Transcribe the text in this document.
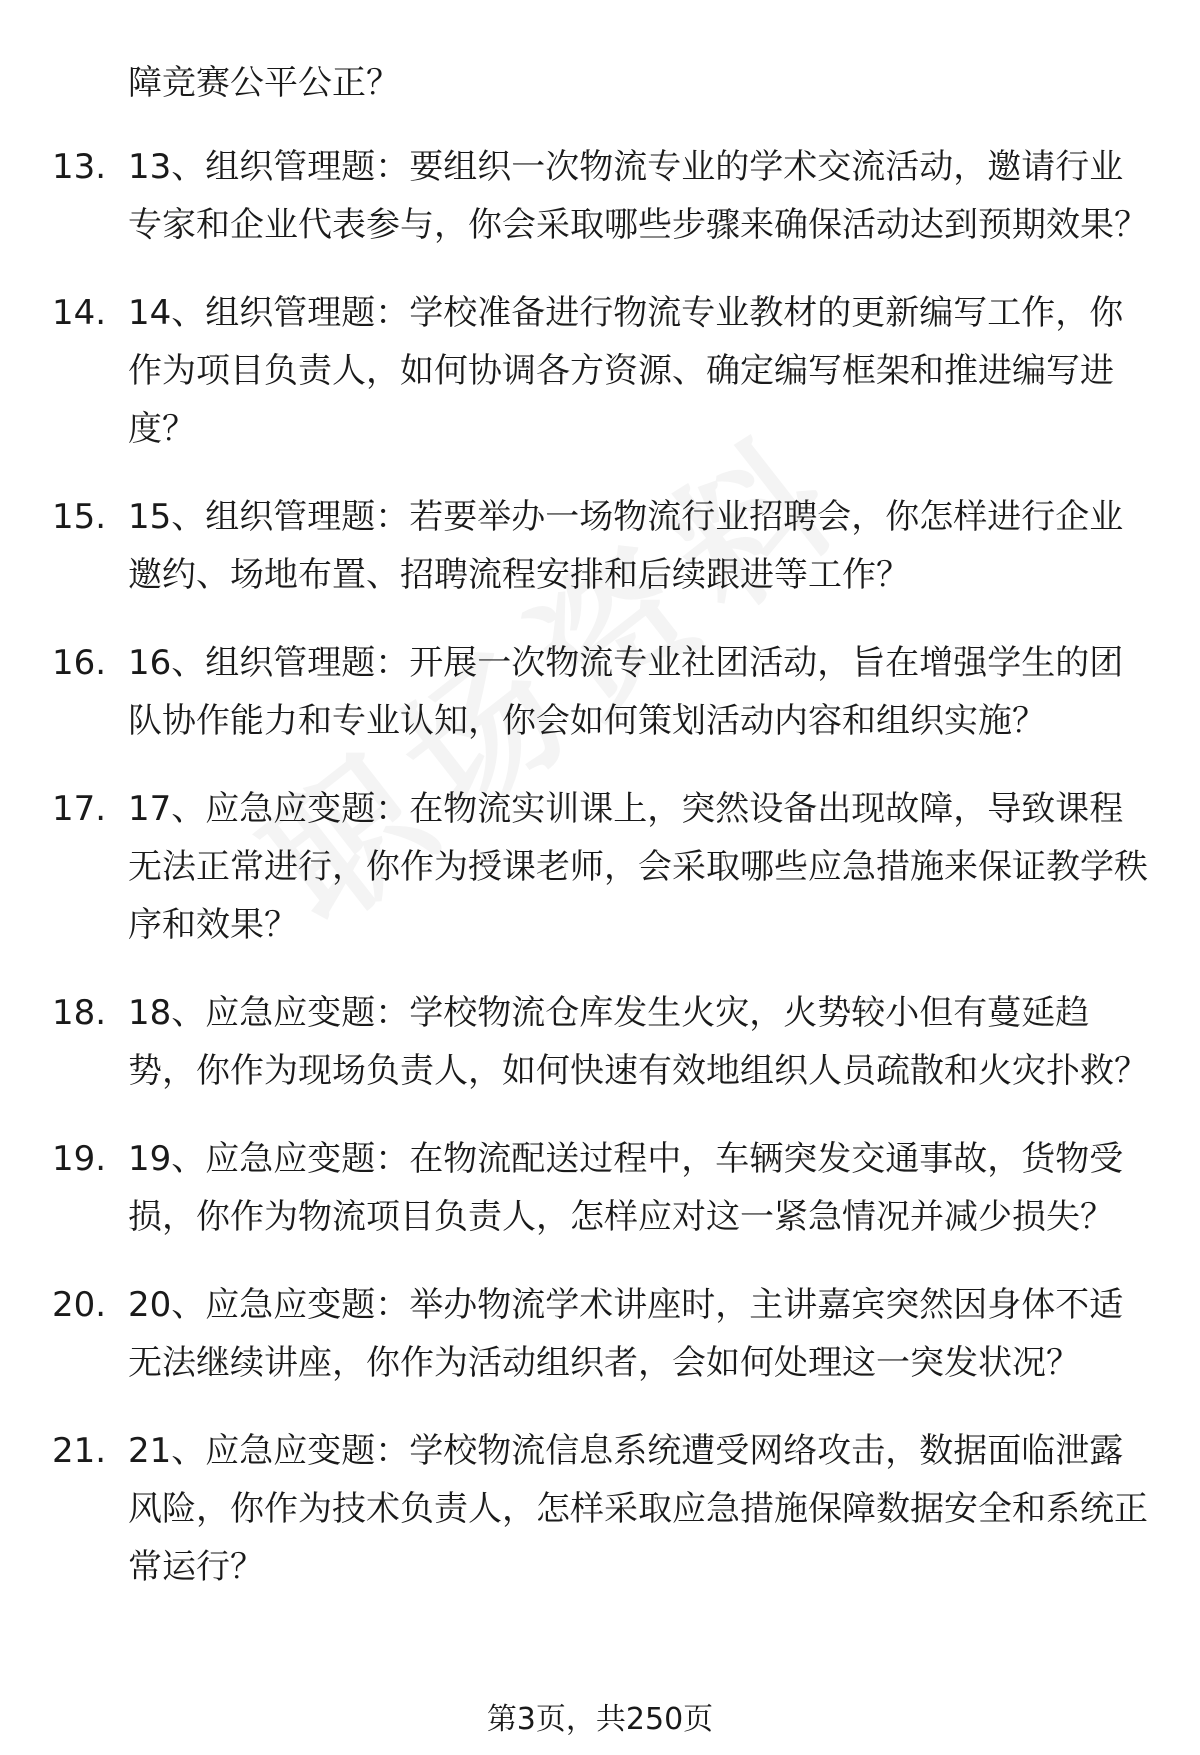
障竞赛公平公正？
13. 13、组织管理题：要组织一次物流专业的学术交流活动，邀请行业专家和企业代表参与，你会采取哪些步骤来确保活动达到预期效果？
14. 14、组织管理题：学校准备进行物流专业教材的更新编写工作，你作为项目负责人，如何协调各方资源、确定编写框架和推进编写进度？
15. 15、组织管理题：若要举办一场物流行业招聘会，你怎样进行企业邀约、场地布置、招聘流程安排和后续跟进等工作？
16. 16、组织管理题：开展一次物流专业社团活动，旨在增强学生的团队协作能力和专业认知，你会如何策划活动内容和组织实施？
17. 17、应急应变题：在物流实训课上，突然设备出现故障，导致课程无法正常进行，你作为授课老师，会采取哪些应急措施来保证教学秩序和效果？
18. 18、应急应变题：学校物流仓库发生火灾，火势较小但有蔓延趋势，你作为现场负责人，如何快速有效地组织人员疏散和火灾扑救？
19. 19、应急应变题：在物流配送过程中，车辆突发交通事故，货物受损，你作为物流项目负责人，怎样应对这一紧急情况并减少损失？
20. 20、应急应变题：举办物流学术讲座时，主讲嘉宾突然因身体不适无法继续讲座，你作为活动组织者，会如何处理这一突发状况？
21. 21、应急应变题：学校物流信息系统遭受网络攻击，数据面临泄露风险，你作为技术负责人，怎样采取应急措施保障数据安全和系统正常运行？
第3页，共250页
